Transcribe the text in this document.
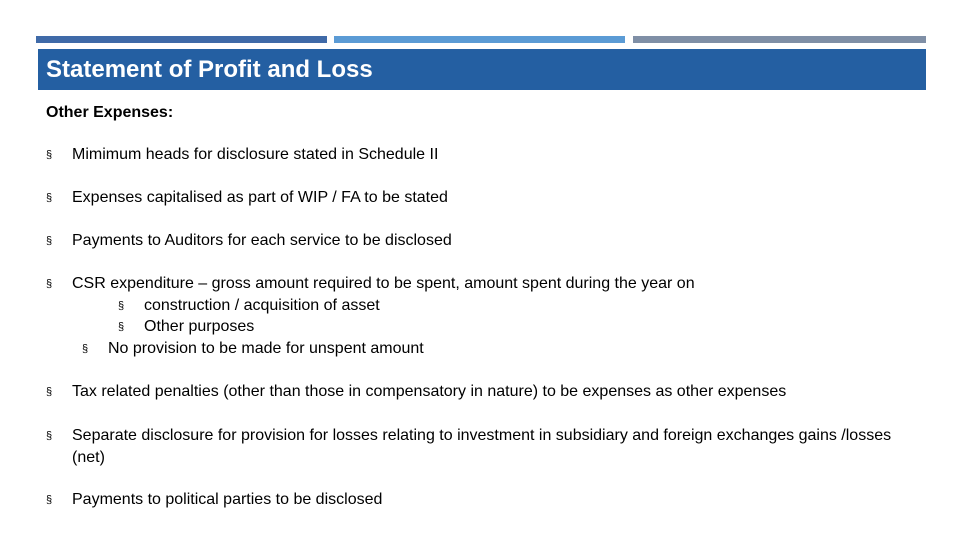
Statement of Profit and Loss
Other Expenses:
§ Mimimum heads for disclosure stated in Schedule II
§ Expenses capitalised as part of WIP / FA to be stated
§ Payments to Auditors for each service to be disclosed
§ CSR expenditure – gross amount required to be spent, amount spent during the year on
§ construction / acquisition of asset
§ Other purposes
§ No provision to be made for unspent amount
§ Tax related penalties (other than those in compensatory in nature) to be expenses as other expenses
§ Separate disclosure for provision for losses relating to investment in subsidiary and foreign exchanges gains /losses (net)
§ Payments to political parties to be disclosed
